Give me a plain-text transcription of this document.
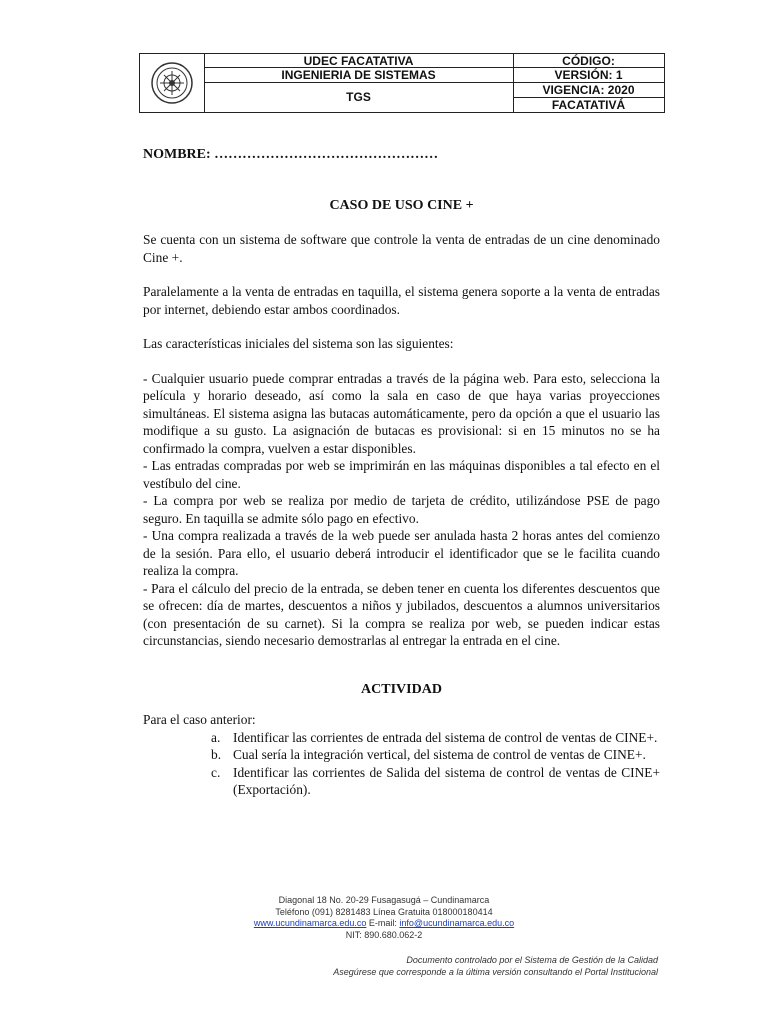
UDEC FACATATIVA
INGENIERIA DE SISTEMAS
TGS
CÓDIGO:
VERSIÓN: 1
VIGENCIA: 2020
FACATATIVÁ

NOMBRE: …………………………………………

CASO DE USO CINE +

Se cuenta con un sistema de software que controle la venta de entradas de un cine denominado Cine +.

Paralelamente a la venta de entradas en taquilla, el sistema genera soporte a la venta de entradas por internet, debiendo estar ambos coordinados.

Las características iniciales del sistema son las siguientes:

- Cualquier usuario puede comprar entradas a través de la página web. Para esto, selecciona la película y horario deseado, así como la sala en caso de que haya varias proyecciones simultáneas. El sistema asigna las butacas automáticamente, pero da opción a que el usuario las modifique a su gusto. La asignación de butacas es provisional: si en 15 minutos no se ha confirmado la compra, vuelven a estar disponibles.

- Las entradas compradas por web se imprimirán en las máquinas disponibles a tal efecto en el vestíbulo del cine.

- La compra por web se realiza por medio de tarjeta de crédito, utilizándose PSE de pago seguro. En taquilla se admite sólo pago en efectivo.

- Una compra realizada a través de la web puede ser anulada hasta 2 horas antes del comienzo de la sesión. Para ello, el usuario deberá introducir el identificador que se le facilita cuando realiza la compra.

- Para el cálculo del precio de la entrada, se deben tener en cuenta los diferentes descuentos que se ofrecen: día de martes, descuentos a niños y jubilados, descuentos a alumnos universitarios (con presentación de su carnet). Si la compra se realiza por web, se pueden indicar estas circunstancias, siendo necesario demostrarlas al entregar la entrada en el cine.

ACTIVIDAD

Para el caso anterior:

a. Identificar las corrientes de entrada del sistema de control de ventas de CINE+.
b. Cual sería la integración vertical, del sistema de control de ventas de CINE+.
c. Identificar las corrientes de Salida del sistema de control de ventas de CINE+ (Exportación).
Diagonal 18 No. 20-29 Fusagasugá – Cundinamarca
Teléfono (091) 8281483 Línea Gratuita 018000180414
www.ucundinamarca.edu.co E-mail: info@ucundinamarca.edu.co
NIT: 890.680.062-2
Documento controlado por el Sistema de Gestión de la Calidad
Asegúrese que corresponde a la última versión consultando el Portal Institucional
